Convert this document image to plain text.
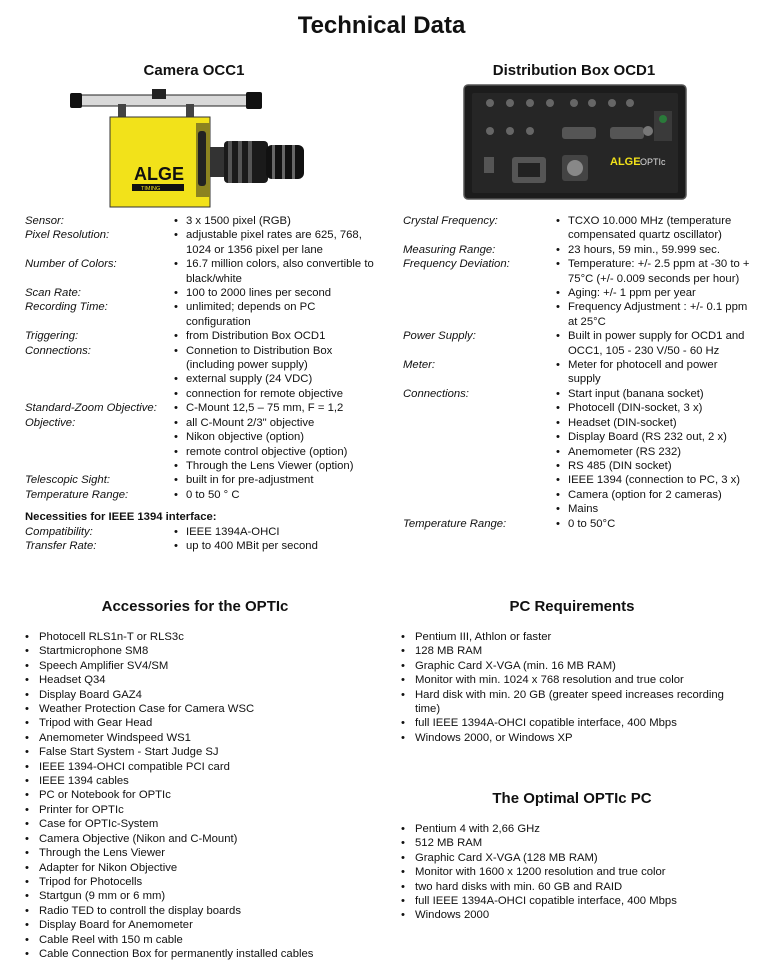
Technical Data
Camera OCC1
ALGE
TIMING
Sensor:	• 3 x 1500 pixel (RGB)
Pixel Resolution:	• adjustable pixel rates are 625, 768, 1024 or 1356 pixel per lane
Number of Colors:	• 16.7 million colors, also convertible to black/white
Scan Rate:	• 100 to 2000 lines per second
Recording Time:	• unlimited; depends on PC configuration
Triggering:	• from Distribution Box OCD1
Connections:	• Connetion to Distribution Box (including power supply)
• external supply (24 VDC)
• connection for remote objective
Standard-Zoom Objective:	• C-Mount 12,5 – 75 mm, F = 1,2
Objective:	• all C-Mount 2/3" objective
• Nikon objective (option)
• remote control objective (option)
• Through the Lens Viewer (option)
Telescopic Sight:	• built in for pre-adjustment
Temperature Range:	• 0 to 50 ° C
Necessities for IEEE 1394 interface:
Compatibility:	• IEEE 1394A-OHCI
Transfer Rate:	• up to 400 MBit per second
Distribution Box OCD1
ALGE OPTIc
Crystal Frequency:	• TCXO 10.000 MHz (temperature compensated quartz oscillator)
Measuring Range:	• 23 hours, 59 min., 59.999 sec.
Frequency Deviation:	• Temperature: +/- 2.5 ppm at -30 to + 75°C (+/- 0.009 seconds per hour)
• Aging: +/- 1 ppm per year
• Frequency Adjustment : +/- 0.1 ppm at 25°C
Power Supply:	• Built in power supply for OCD1 and OCC1, 105 - 230 V/50 - 60 Hz
Meter:	• Meter for photocell and power supply
Connections:	• Start input (banana socket)
• Photocell (DIN-socket, 3 x)
• Headset (DIN-socket)
• Display Board (RS 232 out, 2 x)
• Anemometer (RS 232)
• RS 485 (DIN socket)
• IEEE 1394 (connection to PC, 3 x)
• Camera (option for 2 cameras)
• Mains
Temperature Range:	• 0 to 50°C
Accessories for the OPTIc
• Photocell RLS1n-T or RLS3c
• Startmicrophone SM8
• Speech Amplifier SV4/SM
• Headset Q34
• Display Board GAZ4
• Weather Protection Case for Camera WSC
• Tripod with Gear Head
• Anemometer Windspeed WS1
• False Start System - Start Judge SJ
• IEEE 1394-OHCI compatible PCI card
• IEEE 1394 cables
• PC or Notebook for OPTIc
• Printer for OPTIc
• Case for OPTIc-System
• Camera Objective (Nikon and C-Mount)
• Through the Lens Viewer
• Adapter for Nikon Objective
• Tripod for Photocells
• Startgun (9 mm or 6 mm)
• Radio TED to controll the display boards
• Display Board for Anemometer
• Cable Reel with 150 m cable
• Cable Connection Box for permanently installed cables
PC Requirements
• Pentium III, Athlon or faster
• 128 MB RAM
• Graphic Card X-VGA (min. 16 MB RAM)
• Monitor with min. 1024 x 768 resolution and true color
• Hard disk with min. 20 GB (greater speed increases recording time)
• full IEEE 1394A-OHCI copatible interface, 400 Mbps
• Windows 2000, or Windows XP
The Optimal OPTIc PC
• Pentium 4 with 2,66 GHz
• 512 MB RAM
• Graphic Card X-VGA (128 MB RAM)
• Monitor with 1600 x 1200 resolution and true color
• two hard disks with min. 60 GB and RAID
• full IEEE 1394A-OHCI copatible interface, 400 Mbps
• Windows 2000
